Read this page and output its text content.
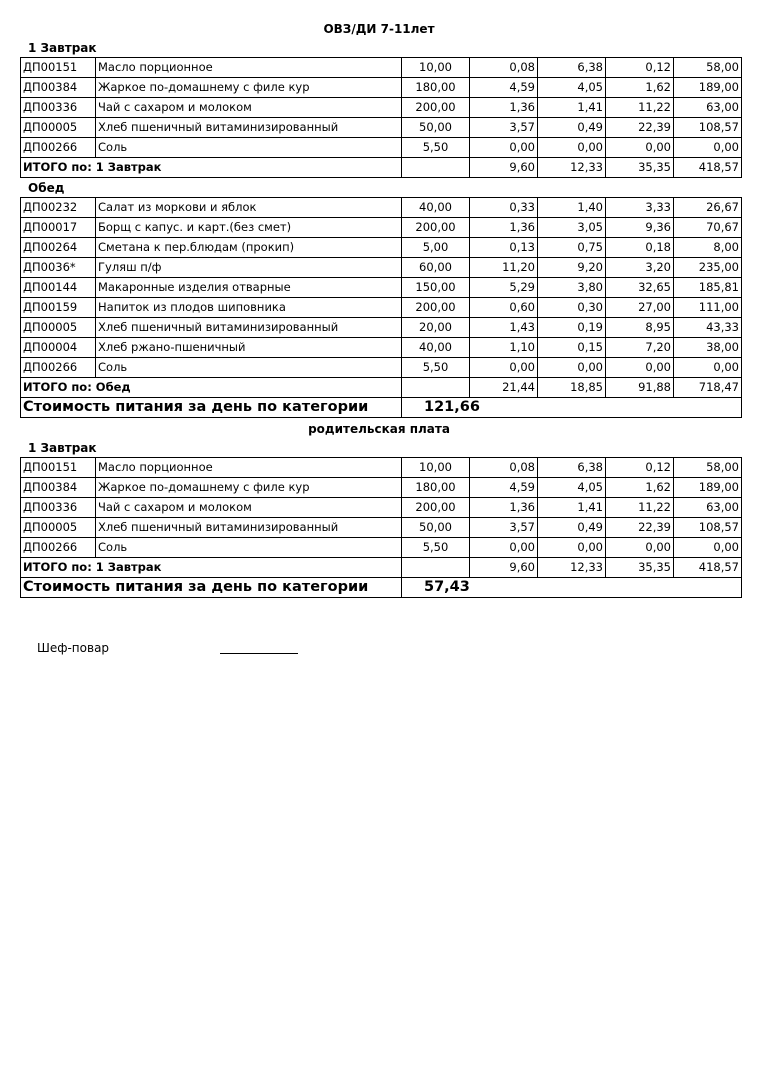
ОВЗ/ДИ 7-11лет
1 Завтрак
ДП00151	Масло порционное	10,00	0,08	6,38	0,12	58,00
ДП00384	Жаркое по-домашнему с филе кур	180,00	4,59	4,05	1,62	189,00
ДП00336	Чай с сахаром и молоком	200,00	1,36	1,41	11,22	63,00
ДП00005	Хлеб пшеничный витаминизированный	50,00	3,57	0,49	22,39	108,57
ДП00266	Соль	5,50	0,00	0,00	0,00	0,00
ИТОГО по: 1 Завтрак			9,60	12,33	35,35	418,57
Обед
ДП00232	Салат из моркови и яблок	40,00	0,33	1,40	3,33	26,67
ДП00017	Борщ с капус. и карт.(без смет)	200,00	1,36	3,05	9,36	70,67
ДП00264	Сметана к пер.блюдам (прокип)	5,00	0,13	0,75	0,18	8,00
ДП0036*	Гуляш п/ф	60,00	11,20	9,20	3,20	235,00
ДП00144	Макаронные изделия отварные	150,00	5,29	3,80	32,65	185,81
ДП00159	Напиток из плодов шиповника	200,00	0,60	0,30	27,00	111,00
ДП00005	Хлеб пшеничный витаминизированный	20,00	1,43	0,19	8,95	43,33
ДП00004	Хлеб ржано-пшеничный	40,00	1,10	0,15	7,20	38,00
ДП00266	Соль	5,50	0,00	0,00	0,00	0,00
ИТОГО по: Обед			21,44	18,85	91,88	718,47
Стоимость питания за день по категории		121,66				
родительская плата
1 Завтрак
ДП00151	Масло порционное	10,00	0,08	6,38	0,12	58,00
ДП00384	Жаркое по-домашнему с филе кур	180,00	4,59	4,05	1,62	189,00
ДП00336	Чай с сахаром и молоком	200,00	1,36	1,41	11,22	63,00
ДП00005	Хлеб пшеничный витаминизированный	50,00	3,57	0,49	22,39	108,57
ДП00266	Соль	5,50	0,00	0,00	0,00	0,00
ИТОГО по: 1 Завтрак			9,60	12,33	35,35	418,57
Стоимость питания за день по категории		57,43				
Шеф-повар
